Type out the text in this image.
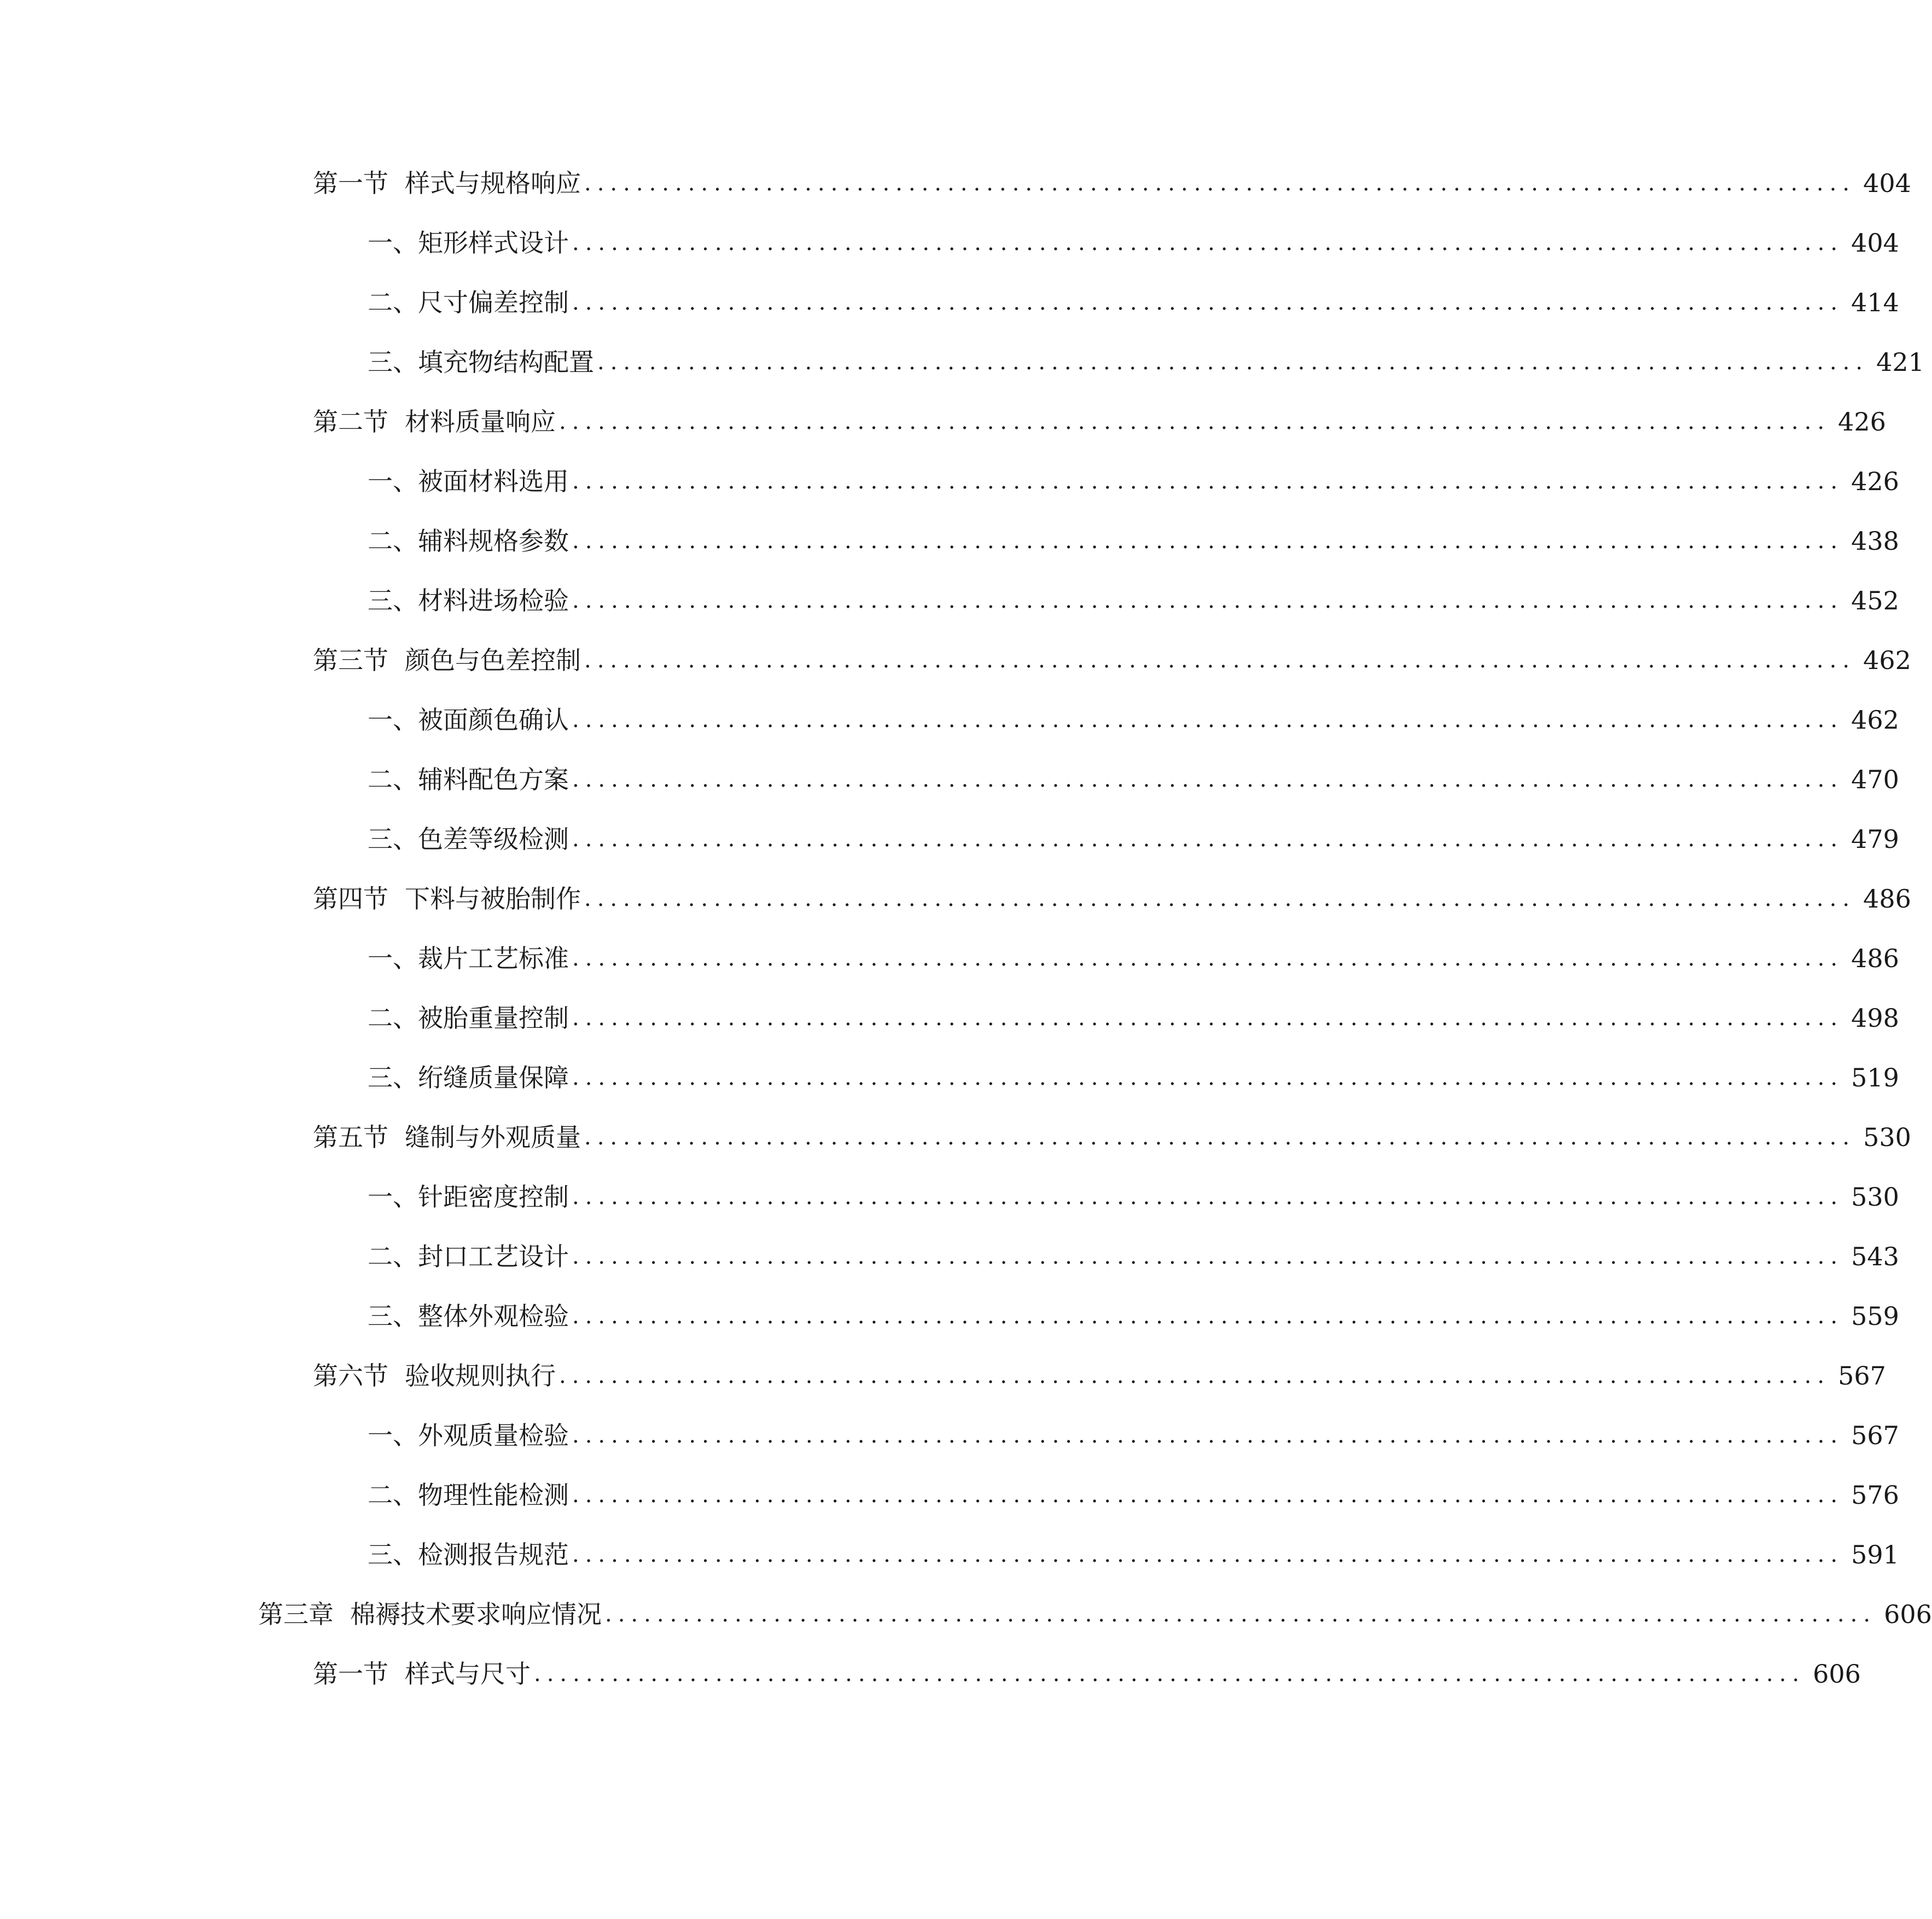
第一节 样式与规格响应 .................................................................................................. 404
一、 矩形样式设计 .................................................................................................. 404
二、 尺寸偏差控制 .................................................................................................. 414
三、 填充物结构配置 .................................................................................................. 421
第二节 材料质量响应 .................................................................................................. 426
一、 被面材料选用 .................................................................................................. 426
二、 辅料规格参数 .................................................................................................. 438
三、 材料进场检验 .................................................................................................. 452
第三节 颜色与色差控制 .................................................................................................. 462
一、 被面颜色确认 .................................................................................................. 462
二、 辅料配色方案 .................................................................................................. 470
三、 色差等级检测 .................................................................................................. 479
第四节 下料与被胎制作 .................................................................................................. 486
一、 裁片工艺标准 .................................................................................................. 486
二、 被胎重量控制 .................................................................................................. 498
三、 绗缝质量保障 .................................................................................................. 519
第五节 缝制与外观质量 .................................................................................................. 530
一、 针距密度控制 .................................................................................................. 530
二、 封口工艺设计 .................................................................................................. 543
三、 整体外观检验 .................................................................................................. 559
第六节 验收规则执行 .................................................................................................. 567
一、 外观质量检验 .................................................................................................. 567
二、 物理性能检测 .................................................................................................. 576
三、 检测报告规范 .................................................................................................. 591
第三章 棉褥技术要求响应情况 .................................................................................................. 606
第一节 样式与尺寸 .................................................................................................. 606
